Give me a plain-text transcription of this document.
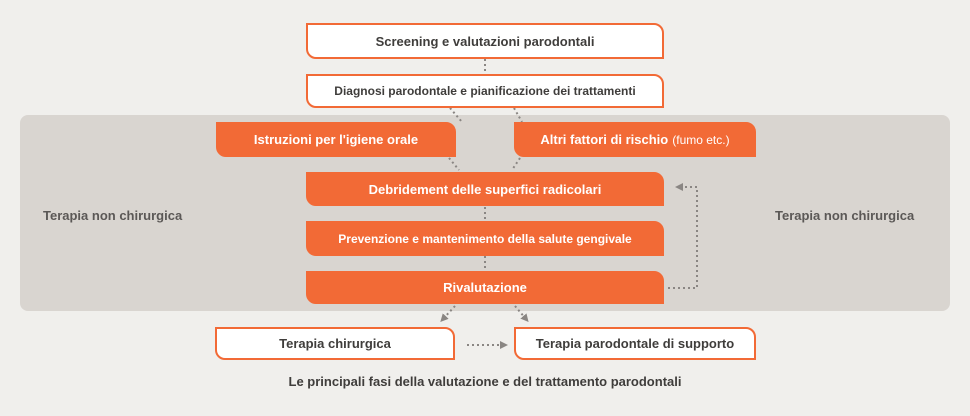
Terapia non chirurgica	Terapia non chirurgica
Screening e valutazioni parodontali
Diagnosi parodontale e pianificazione dei trattamenti
Istruzioni per l'igiene orale	Altri fattori di rischio (fumo etc.)
Debridement delle superfici radicolari
Prevenzione e mantenimento della salute gengivale
Rivalutazione
Terapia chirurgica	Terapia parodontale di supporto
Le principali fasi della valutazione e del trattamento parodontali
